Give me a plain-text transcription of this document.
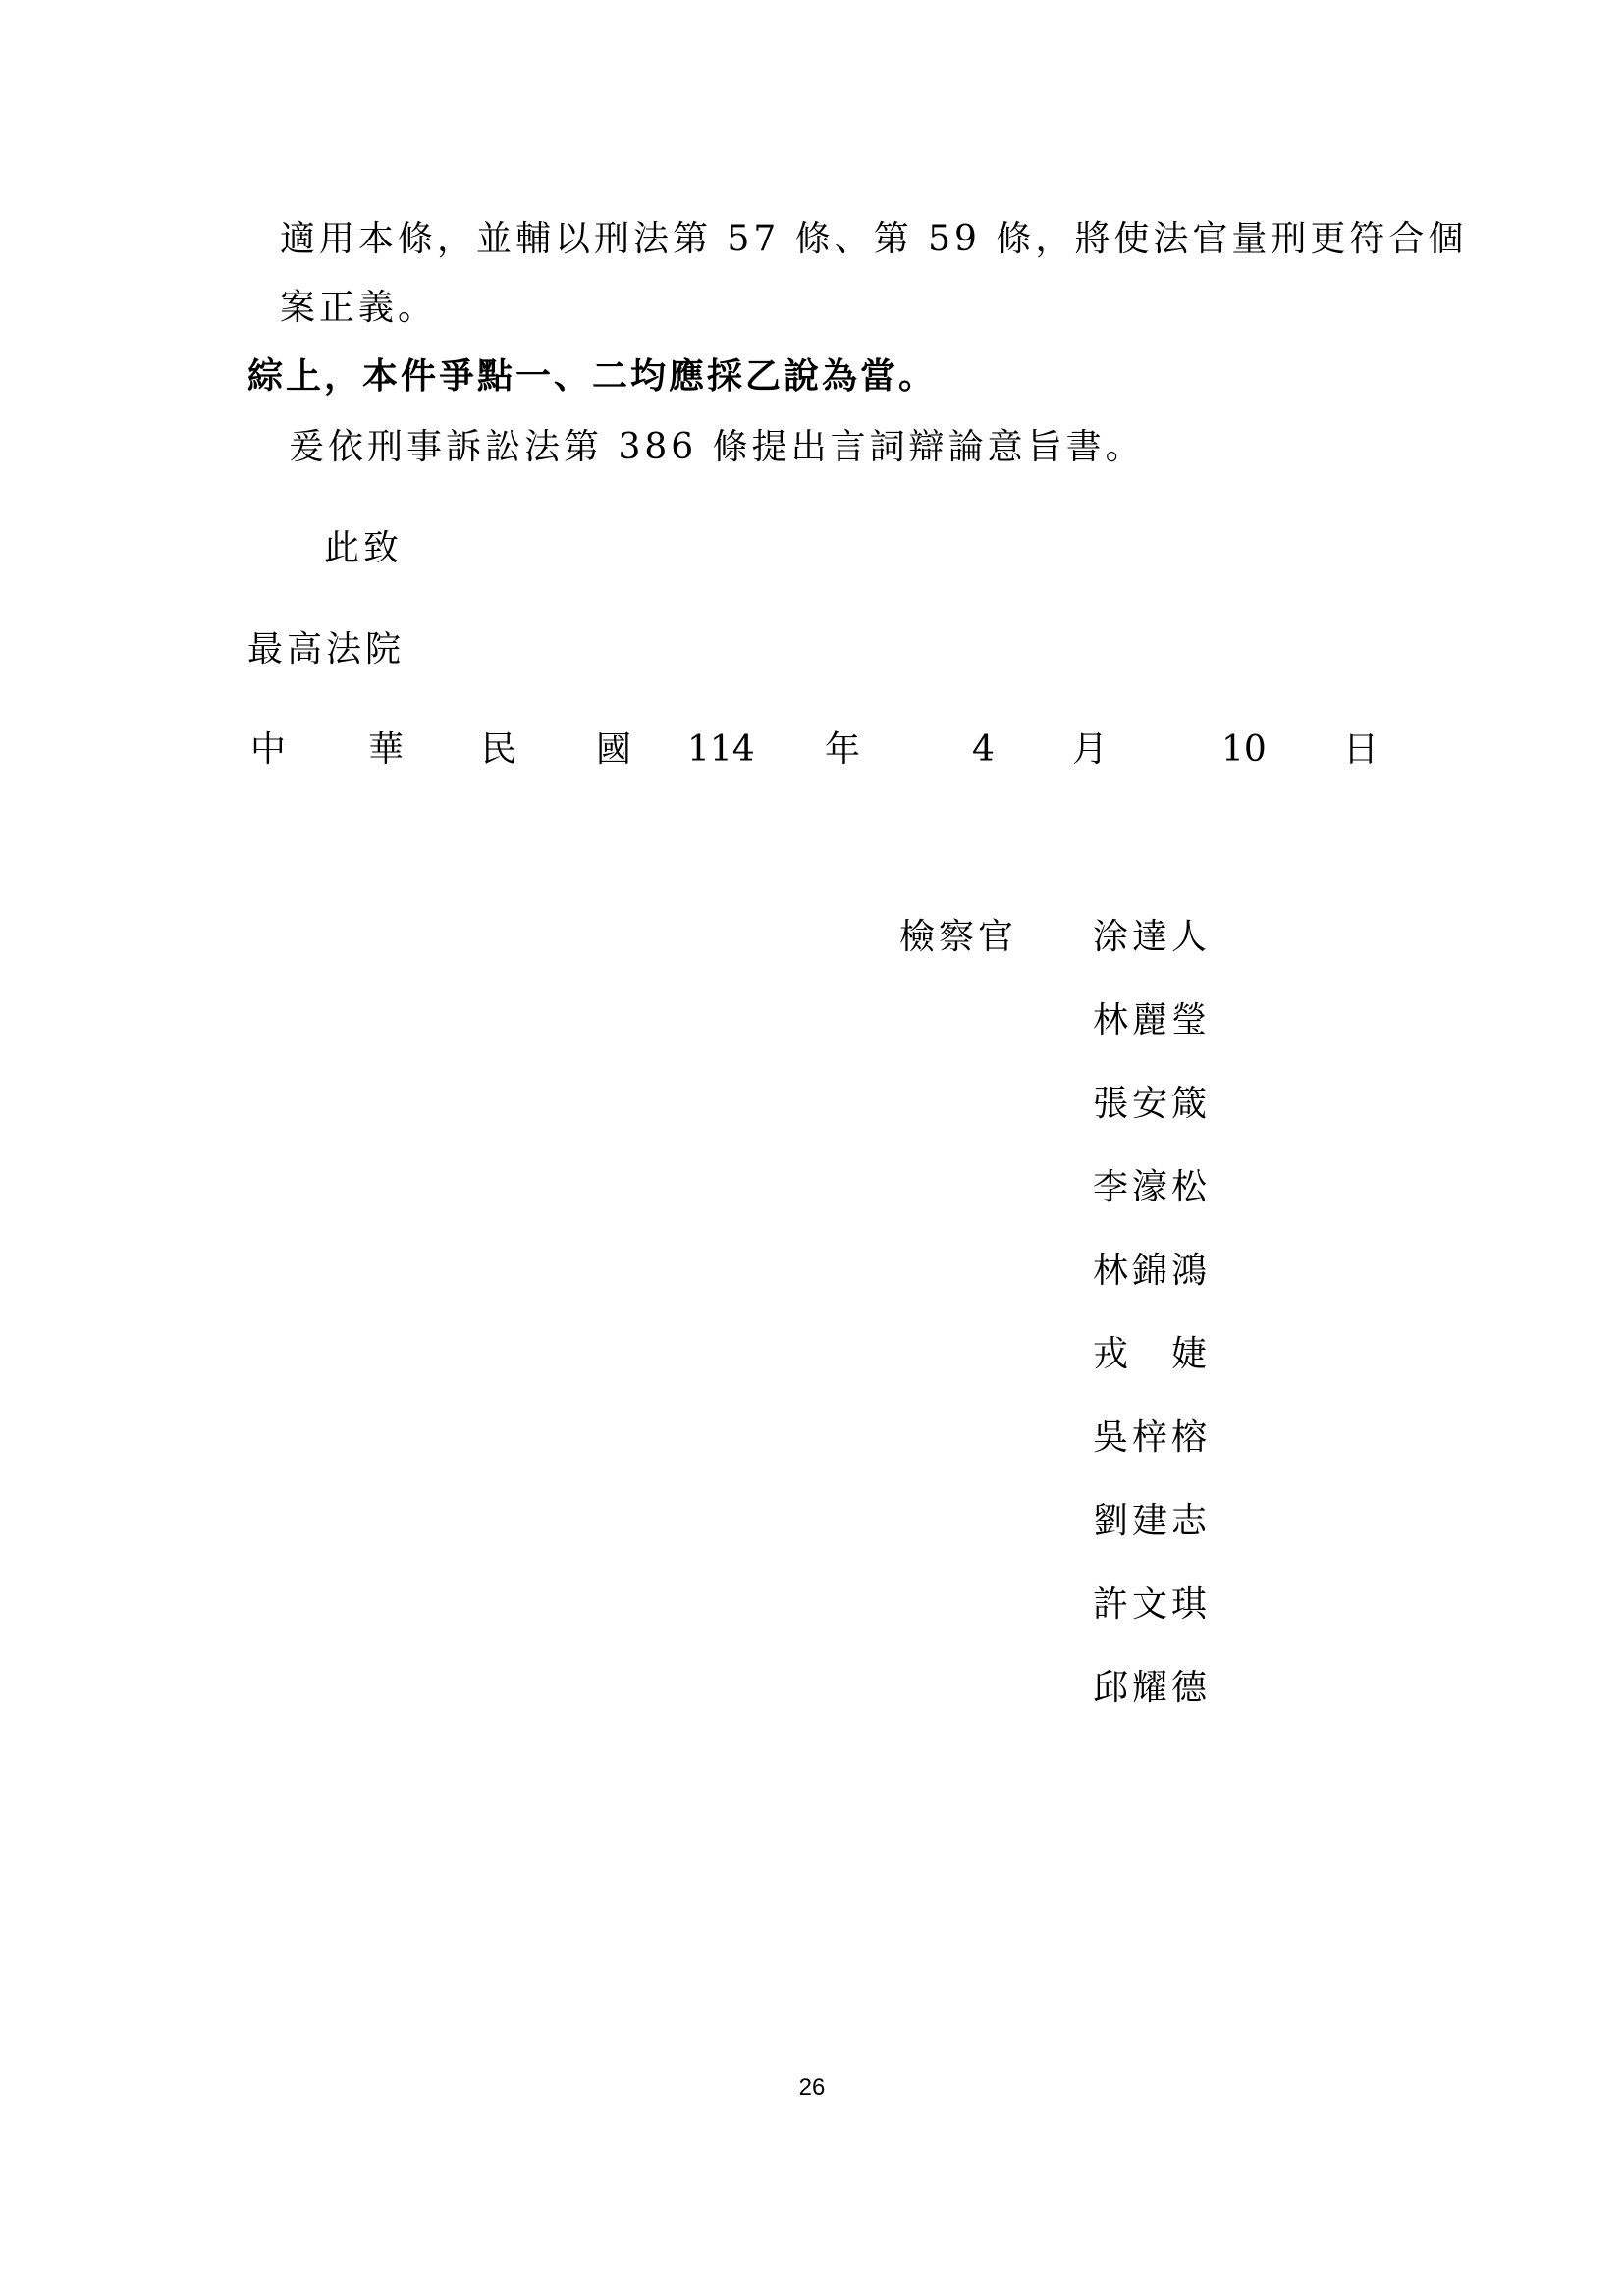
適用本條，並輔以刑法第 57 條、第 59 條，將使法官量刑更符合個
案正義。
綜上，本件爭點一、二均應採乙說為當。
爰依刑事訴訟法第 386 條提出言詞辯論意旨書。
此致
最高法院
中 華 民 國 114 年	4 月	10 日
檢察官 涂達人
林麗瑩
張安箴
李濠松
林錦鴻
戎　婕
吳梓榕
劉建志
許文琪
邱耀德
26
